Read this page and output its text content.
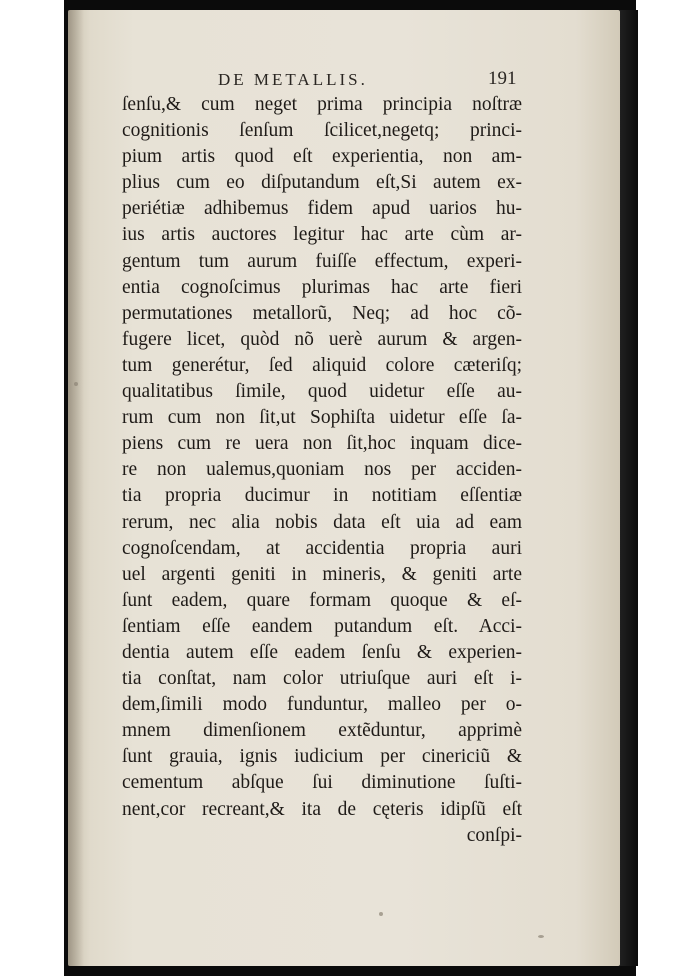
DE METALLIS.	191
ſenſu,& cum neget prima principia noſtræ
cognitionis ſenſum ſcilicet,negetq; princi-
pium artis quod eſt experientia, non am-
plius cum eo diſputandum eſt,Si autem ex-
periétiæ adhibemus fidem apud uarios hu-
ius artis auctores legitur hac arte cùm ar-
gentum tum aurum fuiſſe effectum, experi-
entia cognoſcimus plurimas hac arte fieri
permutationes metallorũ, Neq; ad hoc cõ-
fugere licet, quòd nõ uerè aurum & argen-
tum generétur, ſed aliquid colore cæteriſq;
qualitatibus ſimile, quod uidetur eſſe au-
rum cum non ſit,ut Sophiſta uidetur eſſe ſa-
piens cum re uera non ſit,hoc inquam dice-
re non ualemus,quoniam nos per acciden-
tia propria ducimur in notitiam eſſentiæ
rerum, nec alia nobis data eſt uia ad eam
cognoſcendam, at accidentia propria auri
uel argenti geniti in mineris, & geniti arte
ſunt eadem, quare formam quoque & eſ-
ſentiam eſſe eandem putandum eſt. Acci-
dentia autem eſſe eadem ſenſu & experien-
tia conſtat, nam color utriuſque auri eſt i-
dem,ſimili modo funduntur, malleo per o-
mnem dimenſionem extẽduntur, apprimè
ſunt grauia, ignis iudicium per cinericiũ &
cementum abſque ſui diminutione ſuſti-
nent,cor recreant,& ita de cęteris idipſũ eſt
conſpi-
